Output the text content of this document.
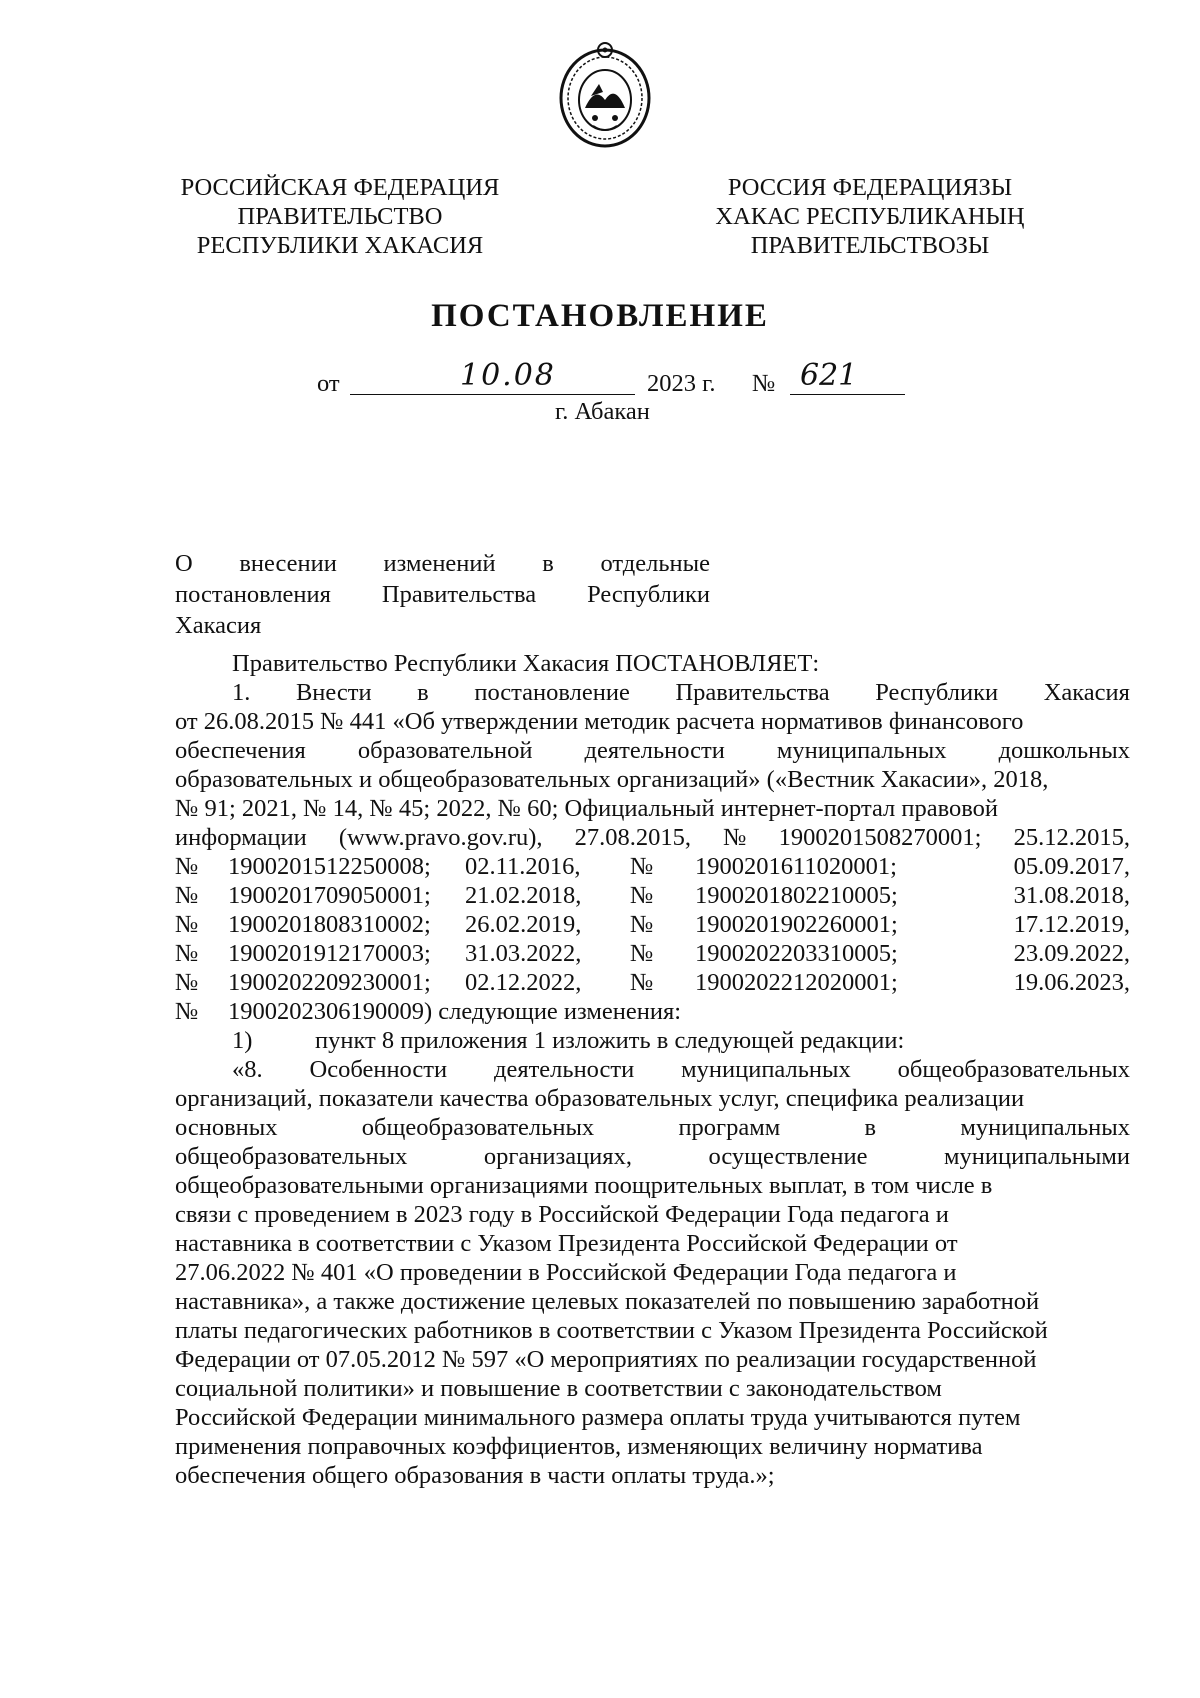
РОССИЙСКАЯ ФЕДЕРАЦИЯ
ПРАВИТЕЛЬСТВО
РЕСПУБЛИКИ ХАКАСИЯ
РОССИЯ ФЕДЕРАЦИЯЗЫ
ХАКАС РЕСПУБЛИКАНЫҢ
ПРАВИТЕЛЬСТВОЗЫ
ПОСТАНОВЛЕНИЕ
от	10.08	2023 г. № 621
г. Абакан
О внесении изменений в отдельные
постановления Правительства Республики
Хакасия
Правительство Республики Хакасия ПОСТАНОВЛЯЕТ:
1. Внести в постановление Правительства Республики Хакасия
от 26.08.2015 № 441 «Об утверждении методик расчета нормативов финансового
обеспечения образовательной деятельности муниципальных дошкольных
образовательных и общеобразовательных организаций» («Вестник Хакасии», 2018,
№ 91; 2021, № 14, № 45; 2022, № 60; Официальный интернет-портал правовой
информации (www.pravo.gov.ru), 27.08.2015, № 1900201508270001; 25.12.2015,
№ 1900201512250008; 02.11.2016, № 1900201611020001;	05.09.2017,
№ 1900201709050001; 21.02.2018, № 1900201802210005;	31.08.2018,
№ 1900201808310002; 26.02.2019, № 1900201902260001;	17.12.2019,
№ 1900201912170003; 31.03.2022, № 1900202203310005;	23.09.2022,
№ 1900202209230001; 02.12.2022, № 1900202212020001;	19.06.2023,
№ 1900202306190009) следующие изменения:
1)	пункт 8 приложения 1 изложить в следующей редакции:
«8. Особенности деятельности муниципальных общеобразовательных
организаций, показатели качества образовательных услуг, специфика реализации
основных	общеобразовательных	программ	в	муниципальных
общеобразовательных	организациях,	осуществление	муниципальными
общеобразовательными организациями поощрительных выплат, в том числе в
связи с проведением в 2023 году в Российской Федерации Года педагога и
наставника в соответствии с Указом Президента Российской Федерации от
27.06.2022 № 401 «О проведении в Российской Федерации Года педагога и
наставника», а также достижение целевых показателей по повышению заработной
платы педагогических работников в соответствии с Указом Президента Российской
Федерации от 07.05.2012 № 597 «О мероприятиях по реализации государственной
социальной политики» и повышение в соответствии с законодательством
Российской Федерации минимального размера оплаты труда учитываются путем
применения поправочных коэффициентов, изменяющих величину норматива
обеспечения общего образования в части оплаты труда.»;
